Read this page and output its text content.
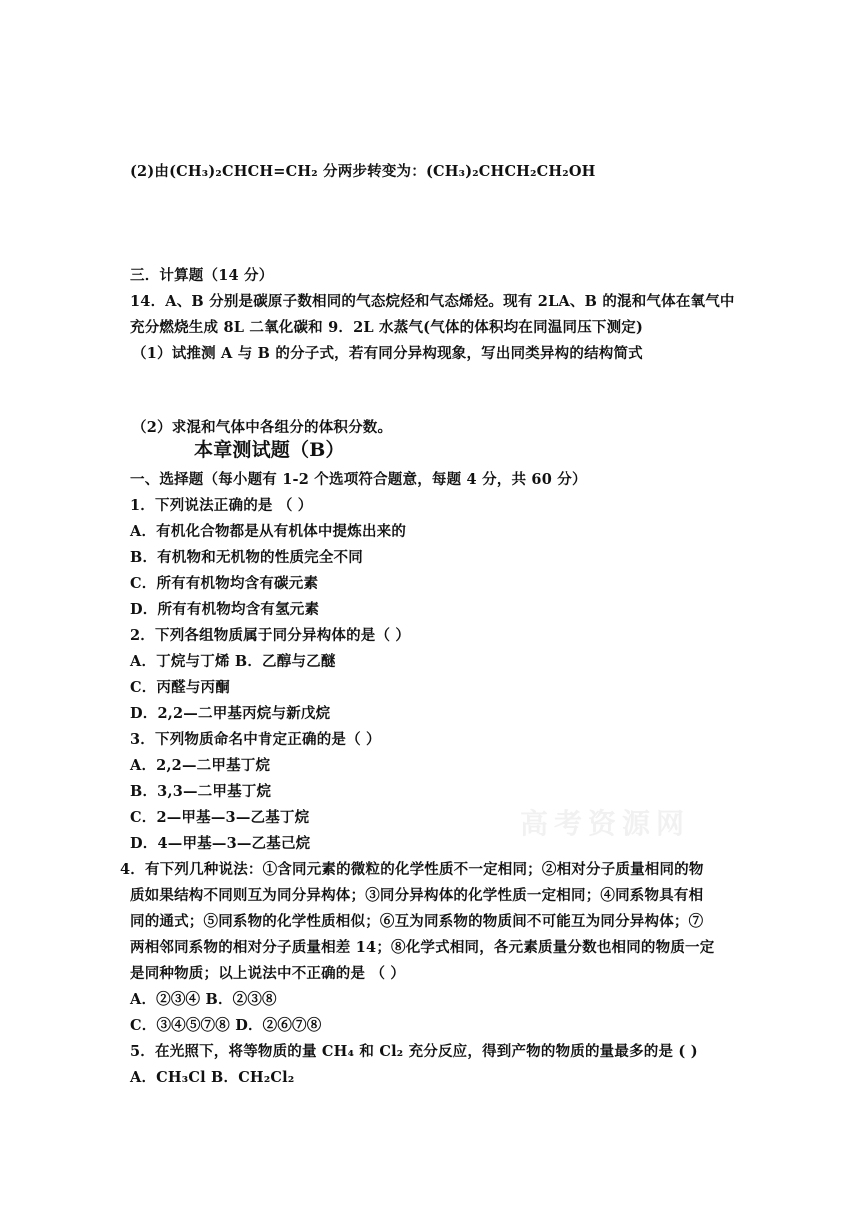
高考资源网
(2)由(CH₃)₂CHCH=CH₂ 分两步转变为：(CH₃)₂CHCH₂CH₂OH
三．计算题（14 分）
14．A、B 分别是碳原子数相同的气态烷烃和气态烯烃。现有 2LA、B 的混和气体在氧气中
充分燃烧生成 8L 二氧化碳和 9．2L 水蒸气(气体的体积均在同温同压下测定)
（1）试推测 A 与 B 的分子式，若有同分异构现象，写出同类异构的结构简式
（2）求混和气体中各组分的体积分数。
本章测试题（B）
一、选择题（每小题有 1-2 个选项符合题意，每题 4 分，共 60 分）
1．下列说法正确的是 （ ）
A．有机化合物都是从有机体中提炼出来的
B．有机物和无机物的性质完全不同
C．所有有机物均含有碳元素
D．所有有机物均含有氢元素
2．下列各组物质属于同分异构体的是（ ）
A．丁烷与丁烯 B．乙醇与乙醚
C．丙醛与丙酮
D．2,2—二甲基丙烷与新戊烷
3．下列物质命名中肯定正确的是（ ）
A．2,2—二甲基丁烷
B．3,3—二甲基丁烷
C．2—甲基—3—乙基丁烷
D．4—甲基—3—乙基己烷
4．有下列几种说法：①含同元素的微粒的化学性质不一定相同；②相对分子质量相同的物
质如果结构不同则互为同分异构体；③同分异构体的化学性质一定相同；④同系物具有相
同的通式；⑤同系物的化学性质相似；⑥互为同系物的物质间不可能互为同分异构体；⑦
两相邻同系物的相对分子质量相差 14；⑧化学式相同，各元素质量分数也相同的物质一定
是同种物质；以上说法中不正确的是 （ ）
A．②③④ B．②③⑧
C．③④⑤⑦⑧ D．②⑥⑦⑧
5．在光照下，将等物质的量 CH₄ 和 Cl₂ 充分反应，得到产物的物质的量最多的是 ( )
A．CH₃Cl B．CH₂Cl₂
